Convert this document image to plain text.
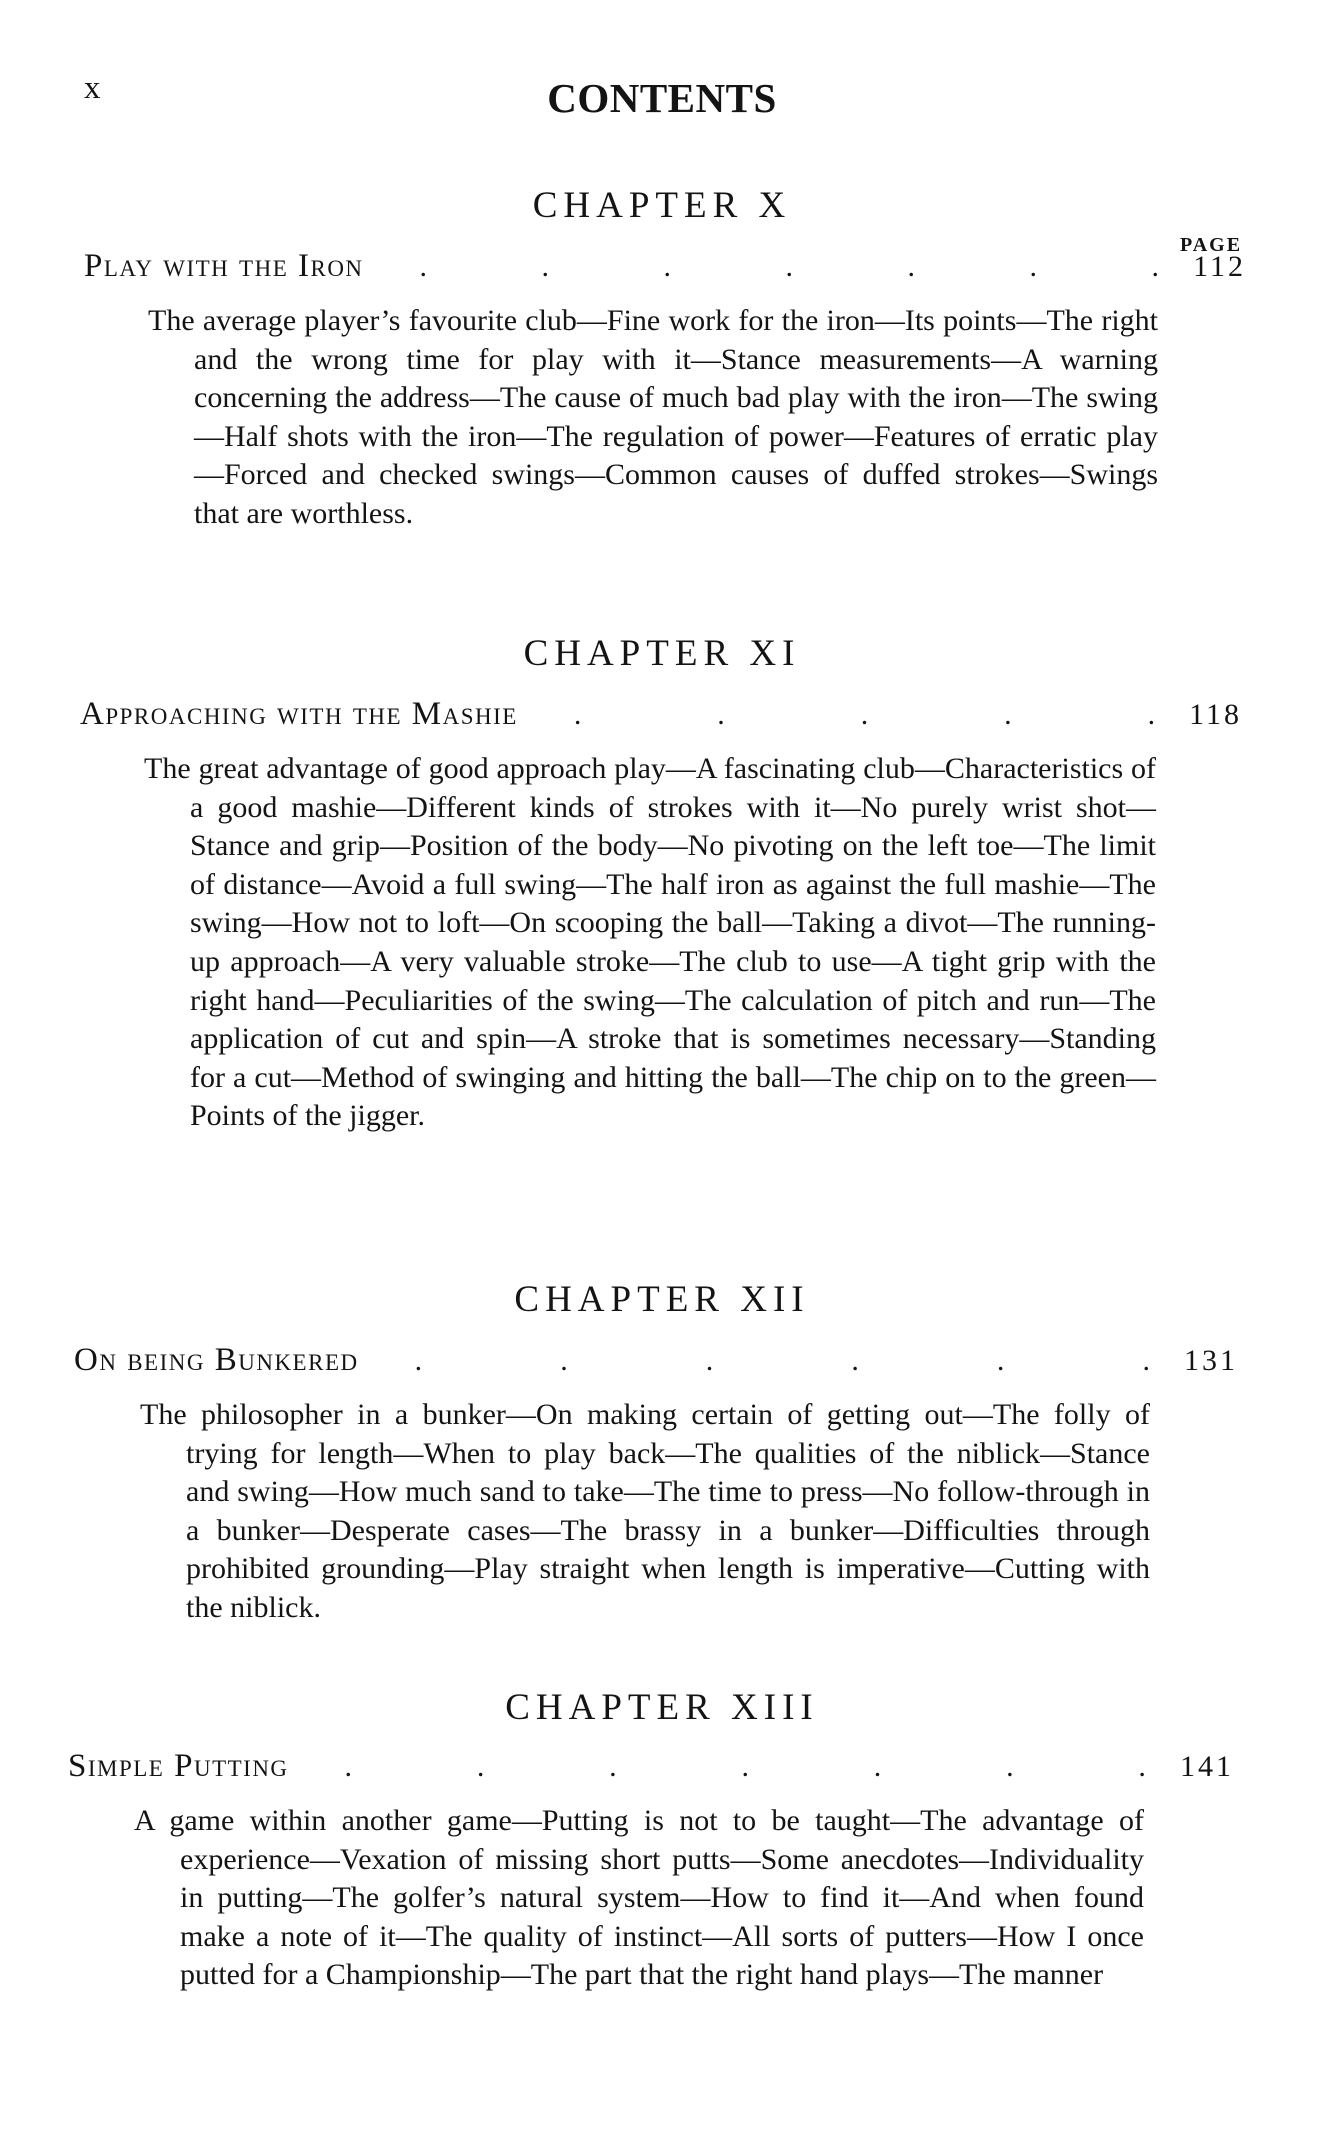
x	CONTENTS
PAGE
CHAPTER X
Play with the Iron .	.	.	.	.	.	. 112

The average player’s favourite club—Fine work for the iron—Its points—The right and the wrong time for play with it—Stance measurements—A warning concerning the address—The cause of much bad play with the iron—The swing—Half shots with the iron—The regulation of power—Features of erratic play—Forced and checked swings—Common causes of duffed strokes—Swings that are worthless.

CHAPTER XI
Approaching with the Mashie .	.	.	.	. 118

The great advantage of good approach play—A fascinating club—Characteristics of a good mashie—Different kinds of strokes with it—No purely wrist shot—Stance and grip—Position of the body—No pivoting on the left toe—The limit of distance—Avoid a full swing—The half iron as against the full mashie—The swing—How not to loft—On scooping the ball—Taking a divot—The running-up approach—A very valuable stroke—The club to use—A tight grip with the right hand—Peculiarities of the swing—The calculation of pitch and run—The application of cut and spin—A stroke that is sometimes necessary—Standing for a cut—Method of swinging and hitting the ball—The chip on to the green—Points of the jigger.

CHAPTER XII
On being Bunkered .	.	.	.	.	. 131

The philosopher in a bunker—On making certain of getting out—The folly of trying for length—When to play back—The qualities of the niblick—Stance and swing—How much sand to take—The time to press—No follow-through in a bunker—Desperate cases—The brassy in a bunker—Difficulties through prohibited grounding—Play straight when length is imperative—Cutting with the niblick.

CHAPTER XIII
Simple Putting .	.	.	.	.	.	. 141

A game within another game—Putting is not to be taught—The advantage of experience—Vexation of missing short putts—Some anecdotes—Individuality in putting—The golfer’s natural system—How to find it—And when found make a note of it—The quality of instinct—All sorts of putters—How I once putted for a Championship—The part that the right hand plays—The manner
